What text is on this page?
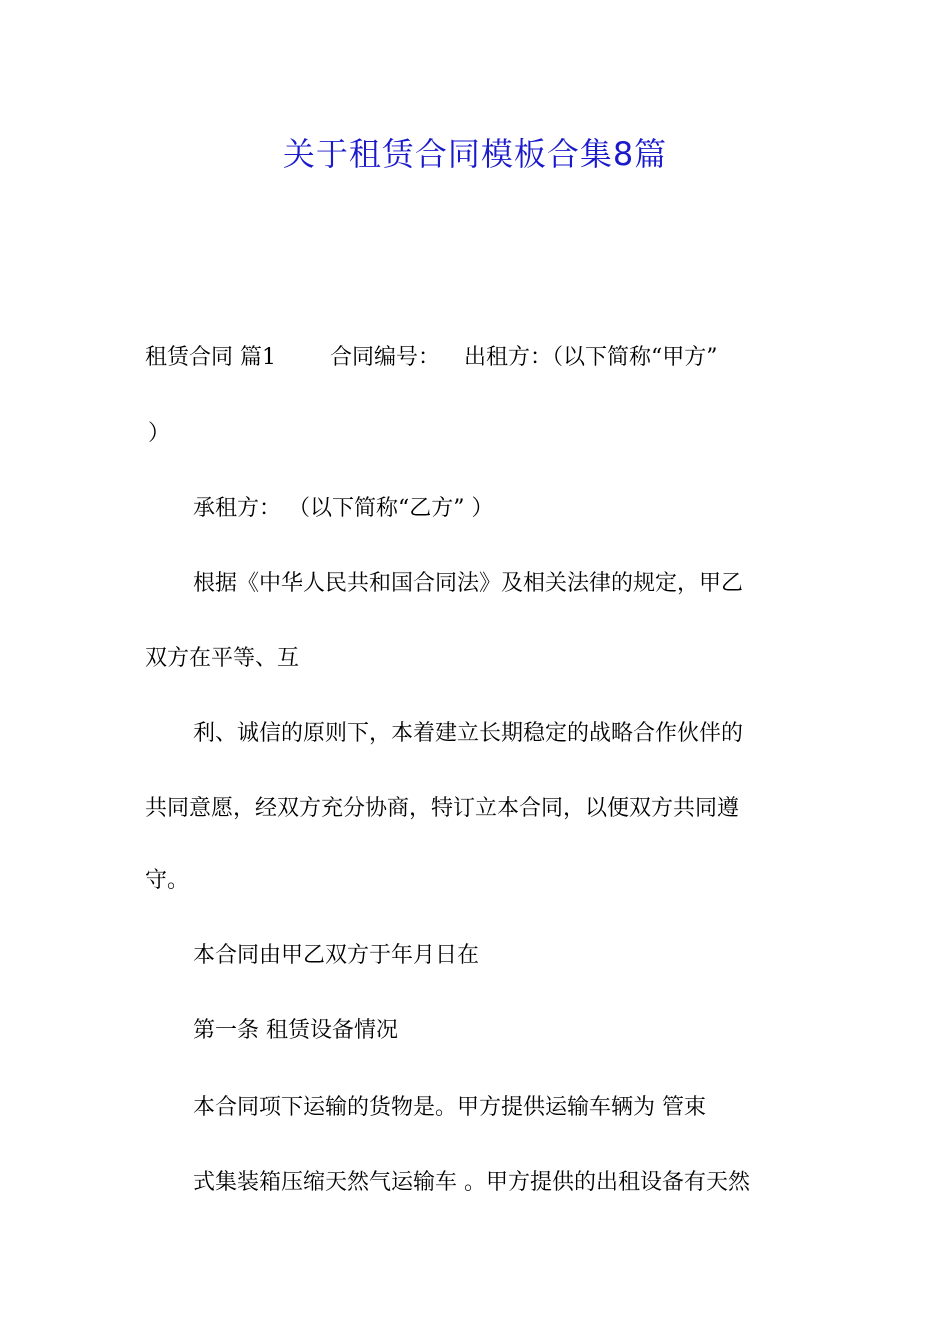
关于租赁合同模板合集8篇
租赁合同 篇1 合同编号： 出租方：（以下简称“甲方”
）
承租方： （以下简称“乙方” ）
根据《中华人民共和国合同法》及相关法律的规定，甲乙
双方在平等、互
利、诚信的原则下，本着建立长期稳定的战略合作伙伴的
共同意愿，经双方充分协商，特订立本合同，以便双方共同遵
守。
本合同由甲乙双方于年月日在
第一条 租赁设备情况
本合同项下运输的货物是。甲方提供运输车辆为 管束
式集装箱压缩天然气运输车 。甲方提供的出租设备有天然
